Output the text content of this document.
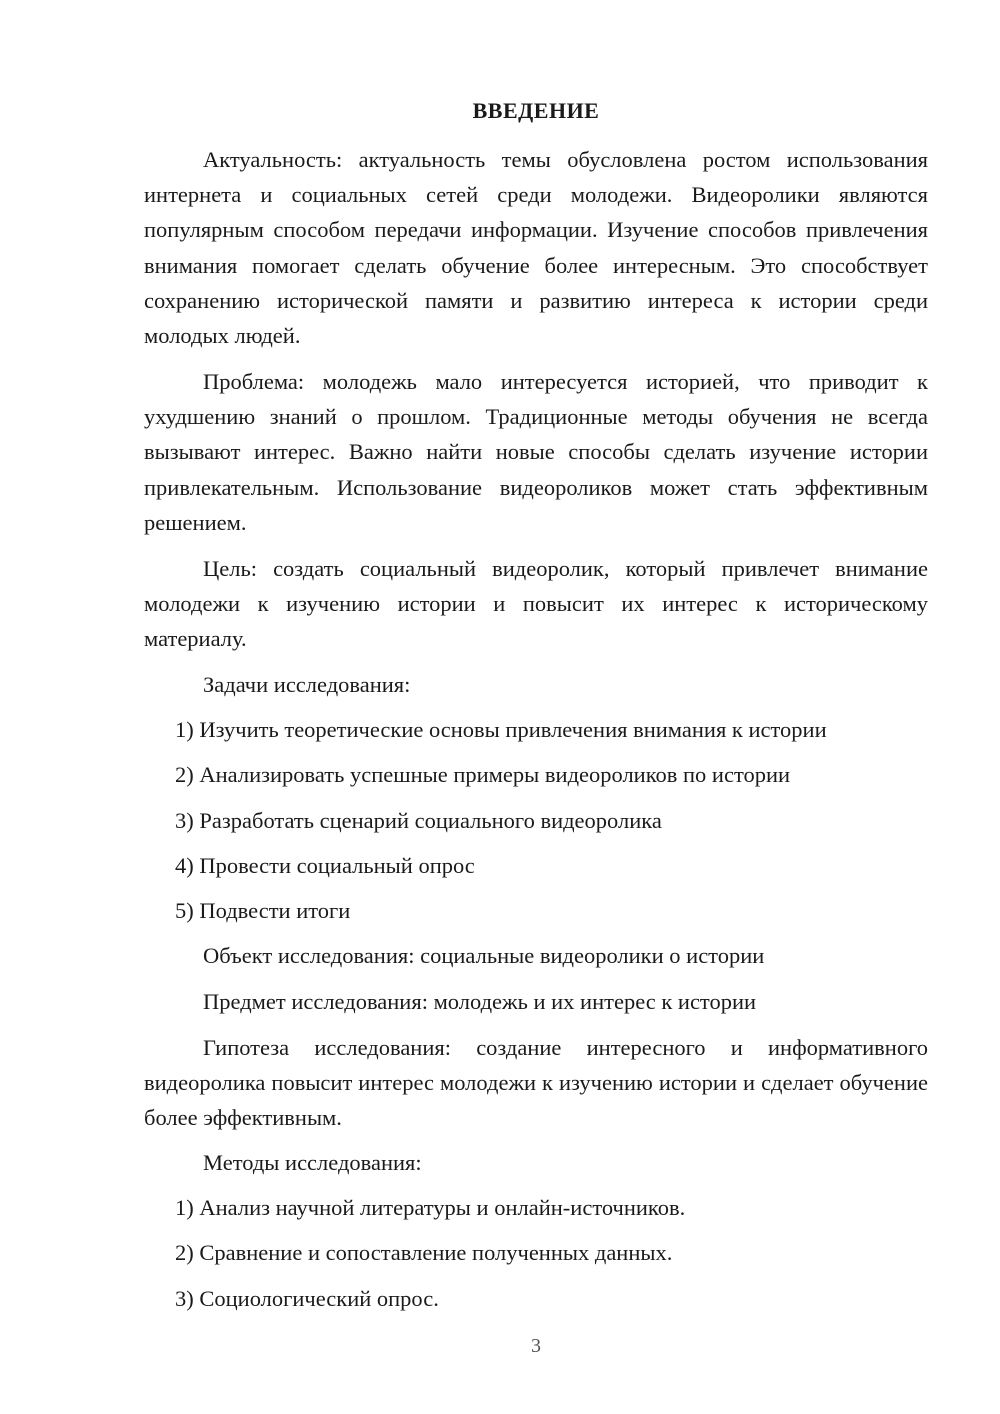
ВВЕДЕНИЕ

Актуальность: актуальность темы обусловлена ростом использования интернета и социальных сетей среди молодежи. Видеоролики являются популярным способом передачи информации. Изучение способов привлечения внимания помогает сделать обучение более интересным. Это способствует сохранению исторической памяти и развитию интереса к истории среди молодых людей.

Проблема: молодежь мало интересуется историей, что приводит к ухудшению знаний о прошлом. Традиционные методы обучения не всегда вызывают интерес. Важно найти новые способы сделать изучение истории привлекательным. Использование видеороликов может стать эффективным решением.

Цель: создать социальный видеоролик, который привлечет внимание молодежи к изучению истории и повысит их интерес к историческому материалу.

Задачи исследования:
1) Изучить теоретические основы привлечения внимания к истории
2) Анализировать успешные примеры видеороликов по истории
3) Разработать сценарий социального видеоролика
4) Провести социальный опрос
5) Подвести итоги
Объект исследования: социальные видеоролики о истории
Предмет исследования: молодежь и их интерес к истории

Гипотеза исследования: создание интересного и информативного видеоролика повысит интерес молодежи к изучению истории и сделает обучение более эффективным.

Методы исследования:
1) Анализ научной литературы и онлайн-источников.
2) Сравнение и сопоставление полученных данных.
3) Социологический опрос.
3
